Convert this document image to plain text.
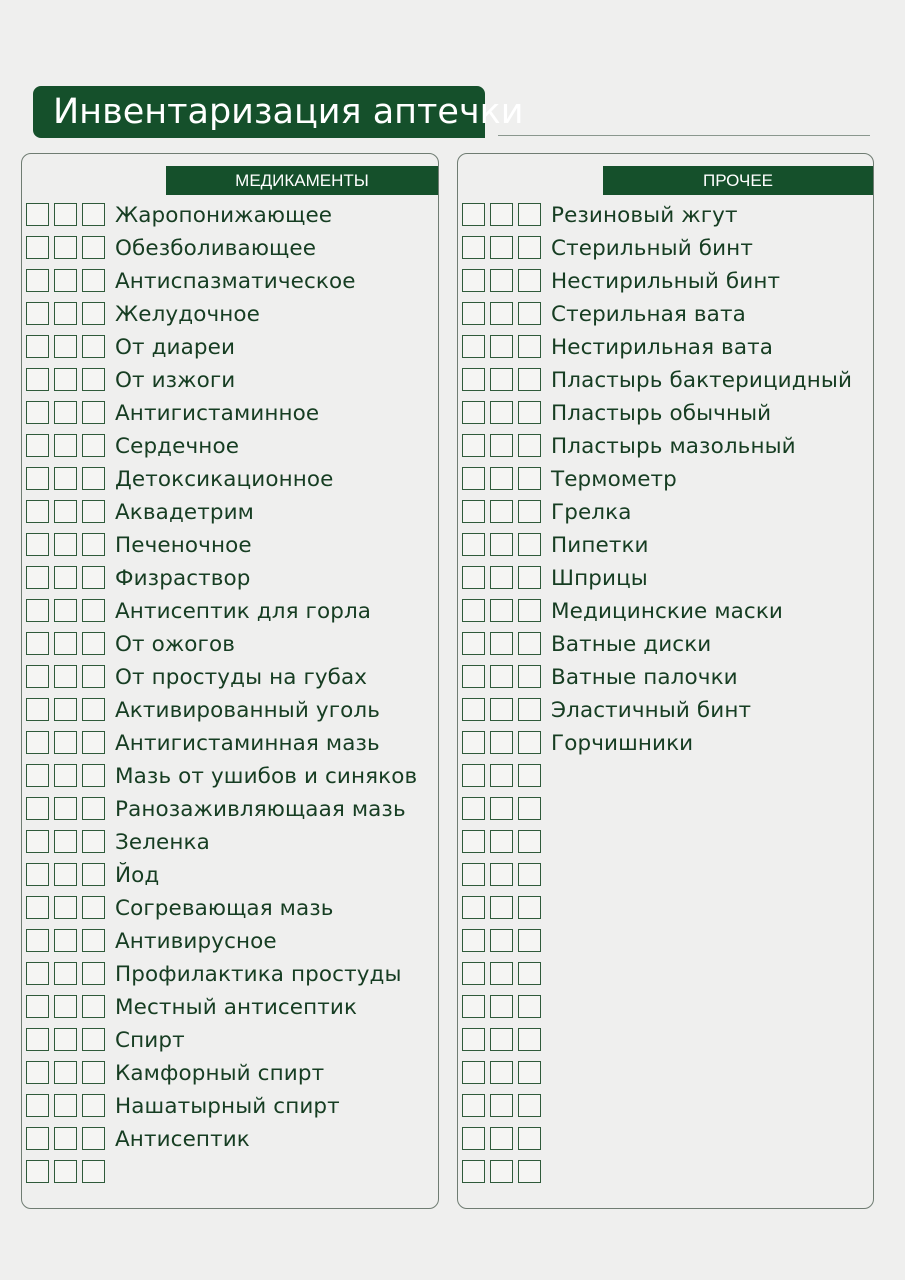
Инвентаризация аптечки
МЕДИКАМЕНТЫ
Жаропонижающее
Обезболивающее
Антиспазматическое
Желудочное
От диареи
От изжоги
Антигистаминное
Сердечное
Детоксикационное
Аквадетрим
Печеночное
Физраствор
Антисептик для горла
От ожогов
От простуды на губах
Активированный уголь
Антигистаминная мазь
Мазь от ушибов и синяков
Ранозаживляющаая мазь
Зеленка
Йод
Согревающая мазь
Антивирусное
Профилактика простуды
Местный антисептик
Спирт
Камфорный спирт
Нашатырный спирт
Антисептик
ПРОЧЕЕ
Резиновый жгут
Стерильный бинт
Нестирильный бинт
Стерильная вата
Нестирильная вата
Пластырь бактерицидный
Пластырь обычный
Пластырь мазольный
Термометр
Грелка
Пипетки
Шприцы
Медицинские маски
Ватные диски
Ватные палочки
Эластичный бинт
Горчишники
